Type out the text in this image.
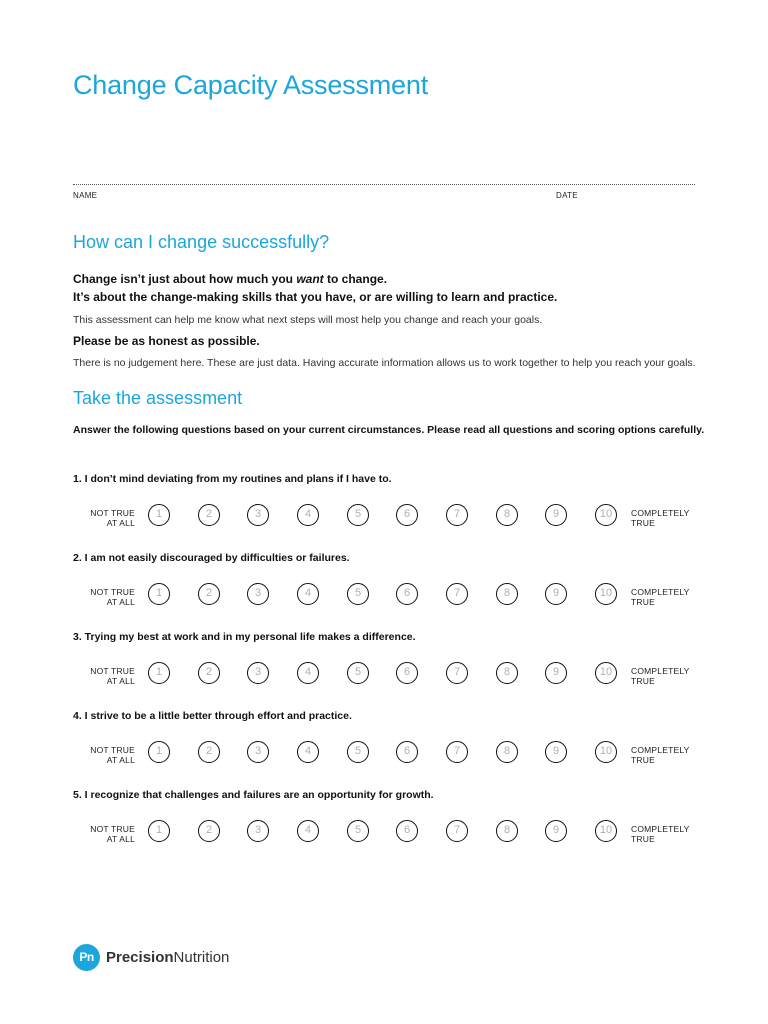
Change Capacity Assessment
NAME	DATE
How can I change successfully?
Change isn’t just about how much you want to change.
It’s about the change-making skills that you have, or are willing to learn and practice.
This assessment can help me know what next steps will most help you change and reach your goals.
Please be as honest as possible.
There is no judgement here. These are just data. Having accurate information allows us to work together to help you reach your goals.
Take the assessment
Answer the following questions based on your current circumstances. Please read all questions and scoring options carefully.
1. I don’t mind deviating from my routines and plans if I have to.
NOT TRUE
AT ALL
1	2	3	4	5	6	7	8	9	10	COMPLETELY
TRUE
2. I am not easily discouraged by difficulties or failures.
NOT TRUE
AT ALL
1	2	3	4	5	6	7	8	9	10	COMPLETELY
TRUE
3. Trying my best at work and in my personal life makes a difference.
NOT TRUE
AT ALL
1	2	3	4	5	6	7	8	9	10	COMPLETELY
TRUE
4. I strive to be a little better through effort and practice.
NOT TRUE
AT ALL
1	2	3	4	5	6	7	8	9	10	COMPLETELY
TRUE
5. I recognize that challenges and failures are an opportunity for growth.
NOT TRUE
AT ALL
1	2	3	4	5	6	7	8	9	10	COMPLETELY
TRUE
Pn PrecisionNutrition
